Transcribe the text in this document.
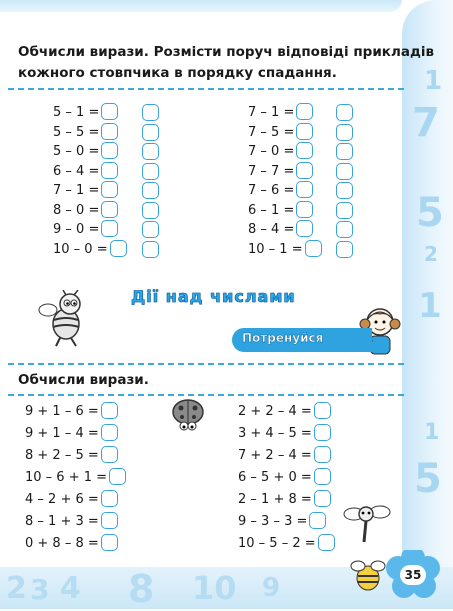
1
7
5
2
1
1
5
2 3 4 8 10 9
Обчисли вирази. Розмісти поруч відповіді прикладів
кожного стовпчика в порядку спадання.
5 – 1 =
5 – 5 =
5 – 0 =
6 – 4 =
7 – 1 =
8 – 0 =
9 – 0 =
10 – 0 =
7 – 1 =
7 – 5 =
7 – 0 =
7 – 7 =
7 – 6 =
6 – 1 =
8 – 4 =
10 – 1 =
Дії над числами
Потренуйся
Обчисли вирази.
9 + 1 – 6 =
9 + 1 – 4 =
8 + 2 – 5 =
10 – 6 + 1 =
4 – 2 + 6 =
8 – 1 + 3 =
0 + 8 – 8 =
2 + 2 – 4 =
3 + 4 – 5 =
7 + 2 – 4 =
6 – 5 + 0 =
2 – 1 + 8 =
9 – 3 – 3 =
10 – 5 – 2 =
35
